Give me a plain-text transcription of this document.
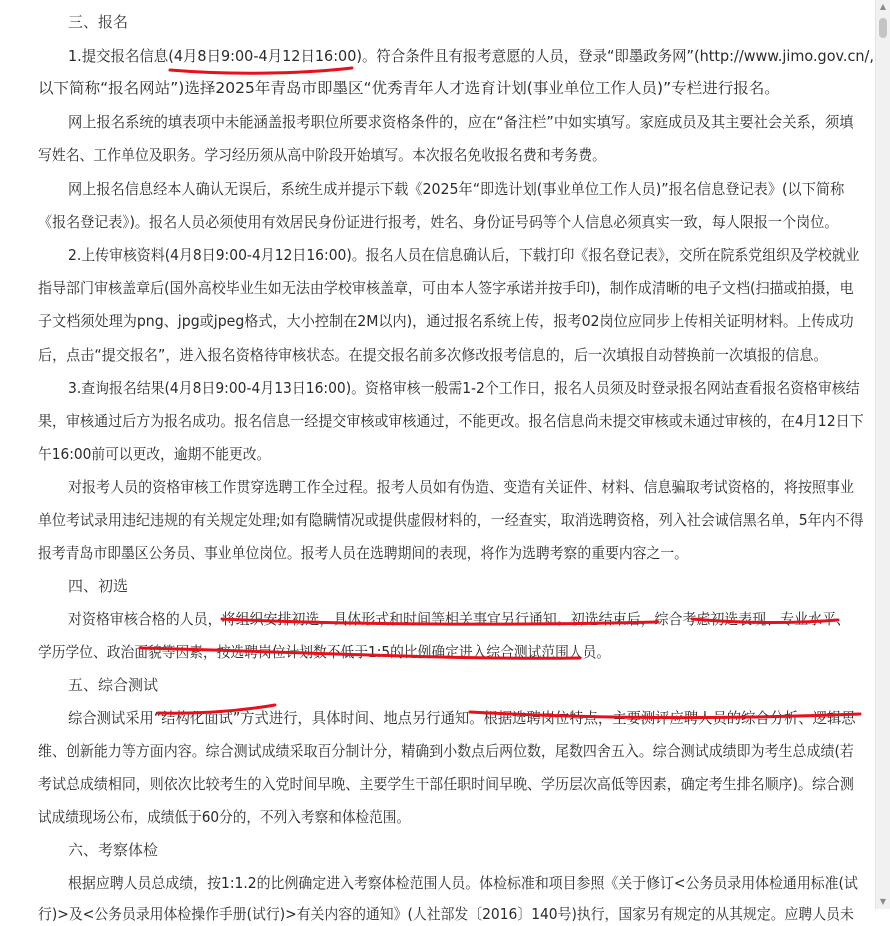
三、报名
1.提交报名信息(4月8日9:00-4月12日16:00)。符合条件且有报考意愿的人员，登录“即墨政务网”(http://www.jimo.gov.cn/,
以下简称“报名网站”)选择2025年青岛市即墨区“优秀青年人才选育计划(事业单位工作人员)”专栏进行报名。
网上报名系统的填表项中未能涵盖报考职位所要求资格条件的，应在“备注栏”中如实填写。家庭成员及其主要社会关系，须填
写姓名、工作单位及职务。学习经历须从高中阶段开始填写。本次报名免收报名费和考务费。
网上报名信息经本人确认无误后，系统生成并提示下载《2025年“即选计划(事业单位工作人员)”报名信息登记表》(以下简称
《报名登记表》)。报名人员必须使用有效居民身份证进行报考，姓名、身份证号码等个人信息必须真实一致，每人限报一个岗位。
2.上传审核资料(4月8日9:00-4月12日16:00)。报名人员在信息确认后，下载打印《报名登记表》，交所在院系党组织及学校就业
指导部门审核盖章后(国外高校毕业生如无法由学校审核盖章，可由本人签字承诺并按手印)，制作成清晰的电子文档(扫描或拍摄，电
子文档须处理为png、jpg或jpeg格式，大小控制在2M以内)，通过报名系统上传，报考02岗位应同步上传相关证明材料。上传成功
后，点击“提交报名”，进入报名资格待审核状态。在提交报名前多次修改报考信息的，后一次填报自动替换前一次填报的信息。
3.查询报名结果(4月8日9:00-4月13日16:00)。资格审核一般需1-2个工作日，报名人员须及时登录报名网站查看报名资格审核结
果，审核通过后方为报名成功。报名信息一经提交审核或审核通过，不能更改。报名信息尚未提交审核或未通过审核的，在4月12日下
午16:00前可以更改，逾期不能更改。
对报考人员的资格审核工作贯穿选聘工作全过程。报考人员如有伪造、变造有关证件、材料、信息骗取考试资格的，将按照事业
单位考试录用违纪违规的有关规定处理;如有隐瞒情况或提供虚假材料的，一经查实，取消选聘资格，列入社会诚信黑名单，5年内不得
报考青岛市即墨区公务员、事业单位岗位。报考人员在选聘期间的表现，将作为选聘考察的重要内容之一。
四、初选
对资格审核合格的人员，将组织安排初选，具体形式和时间等相关事宜另行通知。初选结束后，综合考虑初选表现、专业水平、
学历学位、政治面貌等因素，按选聘岗位计划数不低于1:5的比例确定进入综合测试范围人员。
五、综合测试
综合测试采用“结构化面试”方式进行，具体时间、地点另行通知。根据选聘岗位特点，主要测评应聘人员的综合分析、逻辑思
维、创新能力等方面内容。综合测试成绩采取百分制计分，精确到小数点后两位数，尾数四舍五入。综合测试成绩即为考生总成绩(若
考试总成绩相同，则依次比较考生的入党时间早晚、主要学生干部任职时间早晚、学历层次高低等因素，确定考生排名顺序)。综合测
试成绩现场公布，成绩低于60分的，不列入考察和体检范围。
六、考察体检
根据应聘人员总成绩，按1:1.2的比例确定进入考察体检范围人员。体检标准和项目参照《关于修订<公务员录用体检通用标准(试
行)>及<公务员录用体检操作手册(试行)>有关内容的通知》(人社部发〔2016〕140号)执行，国家另有规定的从其规定。应聘人员未
▲
▼
